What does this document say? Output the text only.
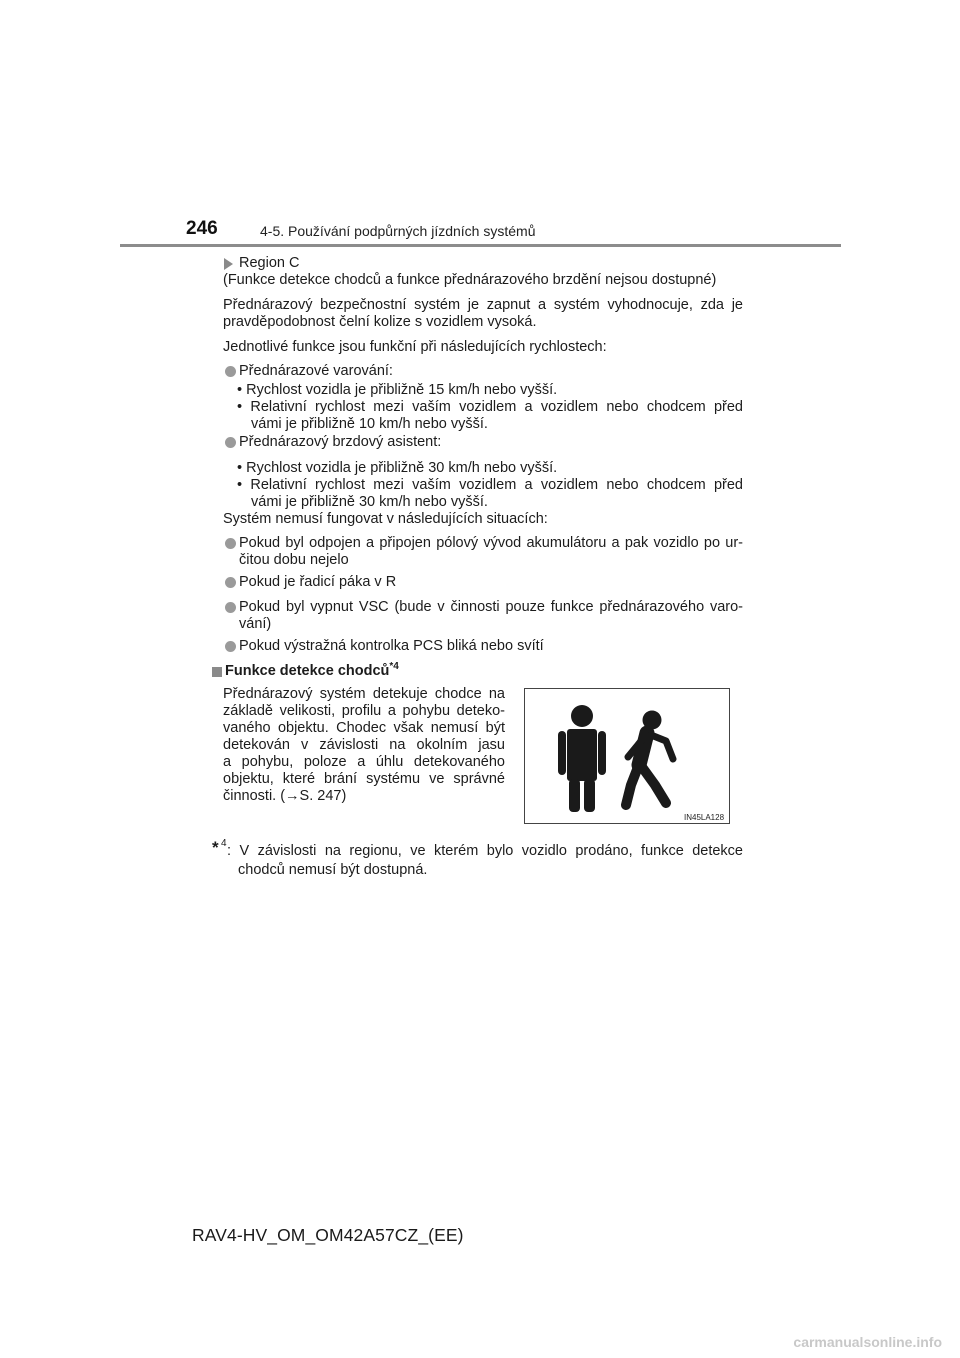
246	4-5. Používání podpůrných jízdních systémů
Region C
(Funkce detekce chodců a funkce přednárazového brzdění nejsou dostupné)
Přednárazový bezpečnostní systém je zapnut a systém vyhodnocuje, zda je
pravděpodobnost čelní kolize s vozidlem vysoká.
Jednotlivé funkce jsou funkční při následujících rychlostech:
Přednárazové varování:
• Rychlost vozidla je přibližně 15 km/h nebo vyšší.
• Relativní rychlost mezi vaším vozidlem a vozidlem nebo chodcem před
vámi je přibližně 10 km/h nebo vyšší.
Přednárazový brzdový asistent:
• Rychlost vozidla je přibližně 30 km/h nebo vyšší.
• Relativní rychlost mezi vaším vozidlem a vozidlem nebo chodcem před
vámi je přibližně 30 km/h nebo vyšší.
Systém nemusí fungovat v následujících situacích:
Pokud byl odpojen a připojen pólový vývod akumulátoru a pak vozidlo po ur-
čitou dobu nejelo
Pokud je řadicí páka v R
Pokud byl vypnut VSC (bude v činnosti pouze funkce přednárazového varo-
vání)
Pokud výstražná kontrolka PCS bliká nebo svítí
Funkce detekce chodců$^{*4}$
Přednárazový systém detekuje chodce na
základě velikosti, profilu a pohybu deteko-
vaného objektu. Chodec však nemusí být
detekován v závislosti na okolním jasu
a pohybu, poloze a úhlu detekovaného
objektu, které brání systému ve správné
činnosti. (→S. 247)
IN45LA128
* 4 : V závislosti na regionu, ve kterém bylo vozidlo prodáno, funkce detekce
chodců nemusí být dostupná.
RAV4-HV_OM_OM42A57CZ_(EE)
carmanualsonline.info
